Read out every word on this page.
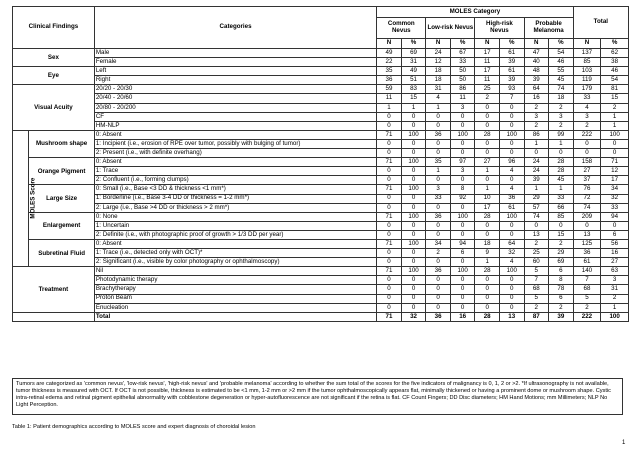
Clinical Findings		Categories	MOLES Category								Total	
			Common Nevus		Low-risk Nevus		High-risk Nevus		Probable Melanoma			
			N	%	N	%	N	%	N	%	N	%
Sex		Male	49	69	24	67	17	61	47	54	137	62
		Female	22	31	12	33	11	39	40	46	85	38
Eye		Left	35	49	18	50	17	61	48	55	103	46
		Right	36	51	18	50	11	39	39	45	119	54
Visual Acuity		20/20 - 20/30	59	83	31	86	25	93	64	74	179	81
		20/40 - 20/60	11	15	4	11	2	7	16	18	33	15
		20/80 - 20/200	1	1	1	3	0	0	2	2	4	2
		CF	0	0	0	0	0	0	3	3	3	1
		HM-NLP	0	0	0	0	0	0	2	2	2	1
MOLES Score	Mushroom shape	0: Absent	71	100	36	100	28	100	86	99	222	100
		1: Incipient (i.e., erosion of RPE over tumor, possibly with bulging of tumor)	0	0	0	0	0	0	1	1	0	0
		2: Present (i.e., with definite overhang)	0	0	0	0	0	0	0	0	0	0
	Orange Pigment	0: Absent	71	100	35	97	27	96	24	28	158	71
		1: Trace	0	0	1	3	1	4	24	28	27	12
		2: Confluent (i.e., forming clumps)	0	0	0	0	0	0	39	45	37	17
	Large Size	0: Small (i.e., Base <3 DD & thickness <1 mm*)	71	100	3	8	1	4	1	1	76	34
		1: Borderline (i.e., Base 3-4 DD or thickness = 1-2 mm*)	0	0	33	92	10	36	29	33	72	32
		2: Large (i.e., Base >4 DD or thickness > 2 mm*)	0	0	0	0	17	61	57	66	74	33
	Enlargement	0: None	71	100	36	100	28	100	74	85	209	94
		1: Uncertain	0	0	0	0	0	0	0	0	0	0
		2: Definite (i.e., with photographic proof of growth > 1/3 DD per year)	0	0	0	0	0	0	13	15	13	6
	Subretinal Fluid	0: Absent	71	100	34	94	18	64	2	2	125	56
		1: Trace (i.e., detected only with OCT)*	0	0	2	6	9	32	25	29	36	16
		2: Significant (i.e., visible by color photography or ophthalmoscopy)	0	0	0	0	1	4	60	69	61	27
Treatment		Nil	71	100	36	100	28	100	5	6	140	63
		Photodynamic therapy	0	0	0	0	0	0	7	8	7	3
		Brachytherapy	0	0	0	0	0	0	68	78	68	31
		Proton Beam	0	0	0	0	0	0	5	6	5	2
		Enucleation	0	0	0	0	0	0	2	2	2	1
		Total	71	32	36	16	28	13	87	39	222	100
Tumors are categorized as 'common nevus', 'low-risk nevus', 'high-risk nevus' and 'probable melanoma' according to whether the sum total of the scores for the five indicators of malignancy is 0, 1, 2 or >2. *If ultrasonography is not available, tumor thickness is measured with OCT. If OCT is not possible, thickness is estimated to be <1 mm, 1-2 mm or >2 mm if the tumor ophthalmoscopically appears flat, minimally thickened or having a prominent dome or mushroom shape. Cystic intra-retinal edema and retinal pigment epithelial abnormality with cobblestone degeneration or hyper-autofluorescence are not significant if the retina is flat. CF Count Fingers; DD Disc diameters; HM Hand Motions; mm Millimeters; NLP No Light Perception.
Table 1: Patient demographics according to MOLES score and expert diagnosis of choroidal lesion
1
